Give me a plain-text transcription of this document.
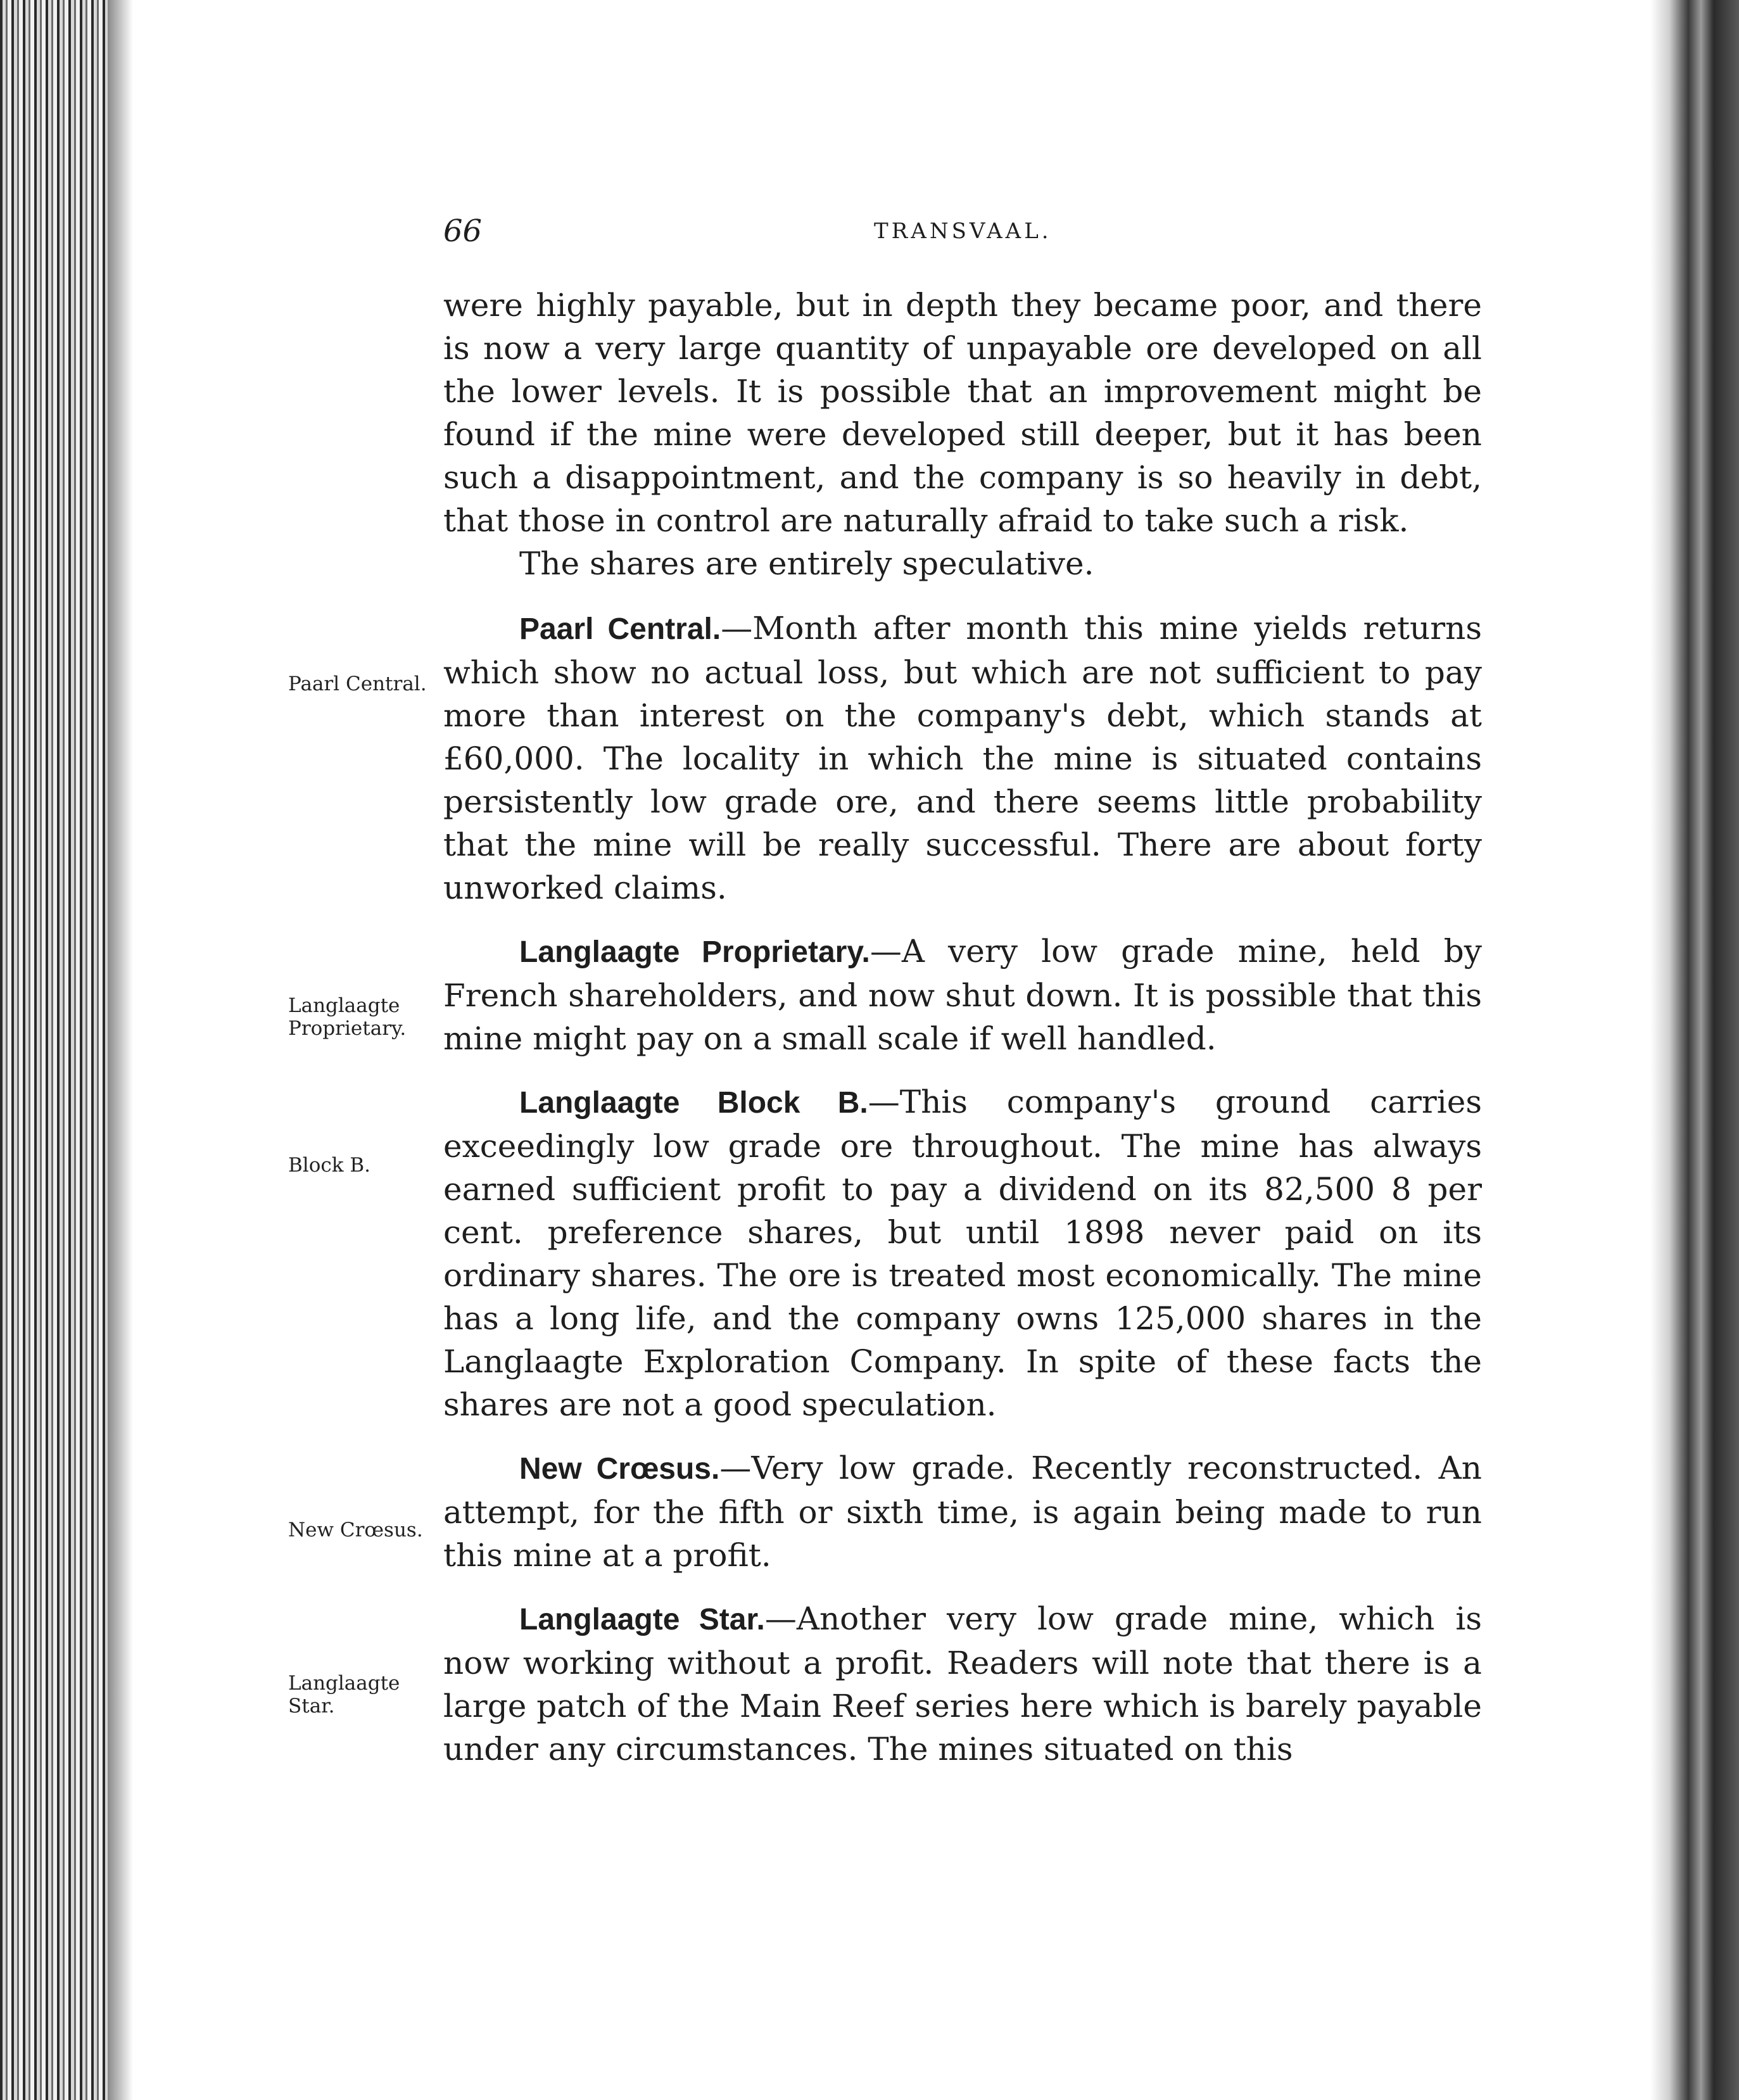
66	TRANSVAAL.
Paarl Central.
Langlaagte
Proprietary.
Block B.
New Crœsus.
Langlaagte
Star.

were highly payable, but in depth they became poor, and there is now a very large quantity of unpayable ore developed on all the lower levels. It is possible that an improvement might be found if the mine were developed still deeper, but it has been such a disappointment, and the company is so heavily in debt, that those in control are naturally afraid to take such a risk.

The shares are entirely speculative.

Paarl Central.—Month after month this mine yields returns which show no actual loss, but which are not sufficient to pay more than interest on the company's debt, which stands at £60,000. The locality in which the mine is situated contains persistently low grade ore, and there seems little probability that the mine will be really successful. There are about forty unworked claims.

Langlaagte Proprietary.—A very low grade mine, held by French shareholders, and now shut down. It is possible that this mine might pay on a small scale if well handled.

Langlaagte Block B.—This company's ground carries exceedingly low grade ore throughout. The mine has always earned sufficient profit to pay a dividend on its 82,500 8 per cent. preference shares, but until 1898 never paid on its ordinary shares. The ore is treated most economically. The mine has a long life, and the company owns 125,000 shares in the Langlaagte Exploration Company. In spite of these facts the shares are not a good speculation.

New Crœsus.—Very low grade. Recently reconstructed. An attempt, for the fifth or sixth time, is again being made to run this mine at a profit.

Langlaagte Star.—Another very low grade mine, which is now working without a profit. Readers will note that there is a large patch of the Main Reef series here which is barely payable under any circumstances. The mines situated on this
